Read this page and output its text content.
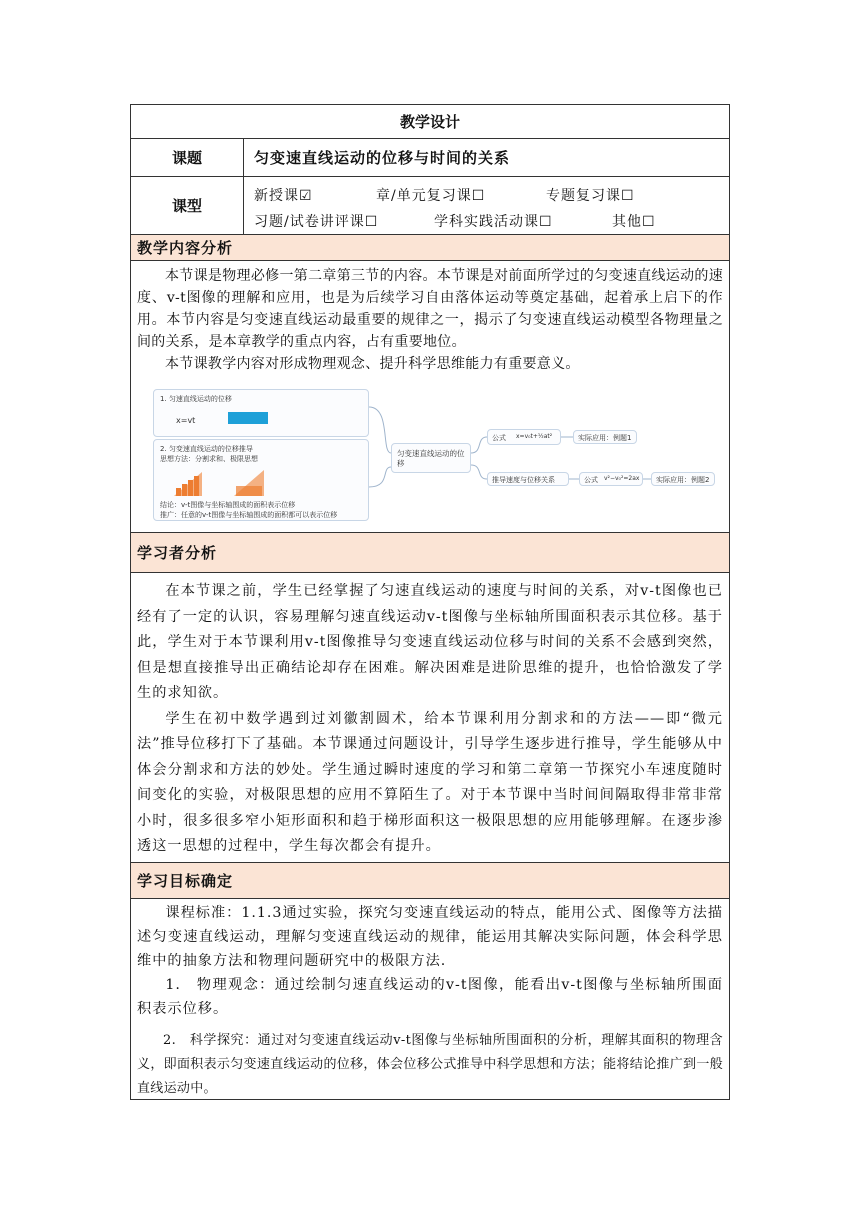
教学设计
课题	匀变速直线运动的位移与时间的关系
课型
新授课☑	章/单元复习课☐	专题复习课☐
习题/试卷讲评课☐	学科实践活动课☐	其他☐
教学内容分析

本节课是物理必修一第二章第三节的内容。本节课是对前面所学过的匀变速直线运动的速度、v-t图像的理解和应用，也是为后续学习自由落体运动等奠定基础，起着承上启下的作用。本节内容是匀变速直线运动最重要的规律之一，揭示了匀变速直线运动模型各物理量之间的关系，是本章教学的重点内容，占有重要地位。

本节课教学内容对形成物理观念、提升科学思维能力有重要意义。

1. 匀速直线运动的位移
x=vt
2. 匀变速直线运动的位移推导
思想方法：分割求和、极限思想
结论：v-t图像与坐标轴围成的面积表示位移
推广：任意的v-t图像与坐标轴围成的面积都可以表示位移
匀变速直线运动的位移
公式 x=v₀t+½at²	实际应用：例题1
推导速度与位移关系	公式 v²−v₀²=2ax 实际应用：例题2
学习者分析

在本节课之前，学生已经掌握了匀速直线运动的速度与时间的关系，对v-t图像也已经有了一定的认识，容易理解匀速直线运动v-t图像与坐标轴所围面积表示其位移。基于此，学生对于本节课利用v-t图像推导匀变速直线运动位移与时间的关系不会感到突然，但是想直接推导出正确结论却存在困难。解决困难是进阶思维的提升，也恰恰激发了学生的求知欲。

学生在初中数学遇到过刘徽割圆术，给本节课利用分割求和的方法——即“微元法”推导位移打下了基础。本节课通过问题设计，引导学生逐步进行推导，学生能够从中体会分割求和方法的妙处。学生通过瞬时速度的学习和第二章第一节探究小车速度随时间变化的实验，对极限思想的应用不算陌生了。对于本节课中当时间间隔取得非常非常小时，很多很多窄小矩形面积和趋于梯形面积这一极限思想的应用能够理解。在逐步渗透这一思想的过程中，学生每次都会有提升。

学习目标确定

课程标准：1.1.3通过实验，探究匀变速直线运动的特点，能用公式、图像等方法描述匀变速直线运动，理解匀变速直线运动的规律，能运用其解决实际问题，体会科学思维中的抽象方法和物理问题研究中的极限方法.

1.　物理观念：通过绘制匀速直线运动的v-t图像，能看出v-t图像与坐标轴所围面积表示位移。

2.　科学探究：通过对匀变速直线运动v-t图像与坐标轴所围面积的分析，理解其面积的物理含义，即面积表示匀变速直线运动的位移，体会位移公式推导中科学思想和方法；能将结论推广到一般直线运动中。
